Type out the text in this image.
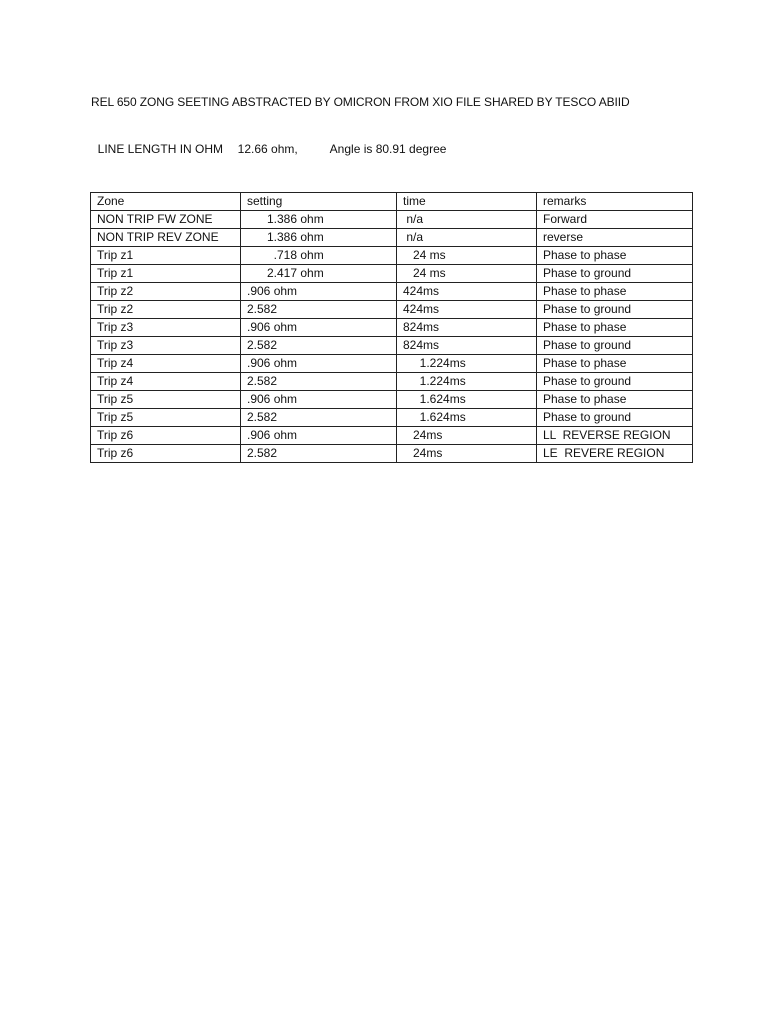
REL 650 ZONG SEETING ABSTRACTED BY OMICRON FROM XIO FILE SHARED BY TESCO ABIID

LINE LENGTH IN OHM 12.66 ohm,	Angle is 80.91 degree

Zone	setting	time	remarks
NON TRIP FW ZONE	1.386 ohm	n/a	Forward
NON TRIP REV ZONE	1.386 ohm	n/a	reverse
Trip z1	.718 ohm	24 ms	Phase to phase
Trip z1	2.417 ohm	24 ms	Phase to ground
Trip z2	.906 ohm	424ms	Phase to phase
Trip z2	2.582	424ms	Phase to ground
Trip z3	.906 ohm	824ms	Phase to phase
Trip z3	2.582	824ms	Phase to ground
Trip z4	.906 ohm	1.224ms	Phase to phase
Trip z4	2.582	1.224ms	Phase to ground
Trip z5	.906 ohm	1.624ms	Phase to phase
Trip z5	2.582	1.624ms	Phase to ground
Trip z6	.906 ohm	24ms	LL  REVERSE REGION
Trip z6	2.582	24ms	LE  REVERE REGION
